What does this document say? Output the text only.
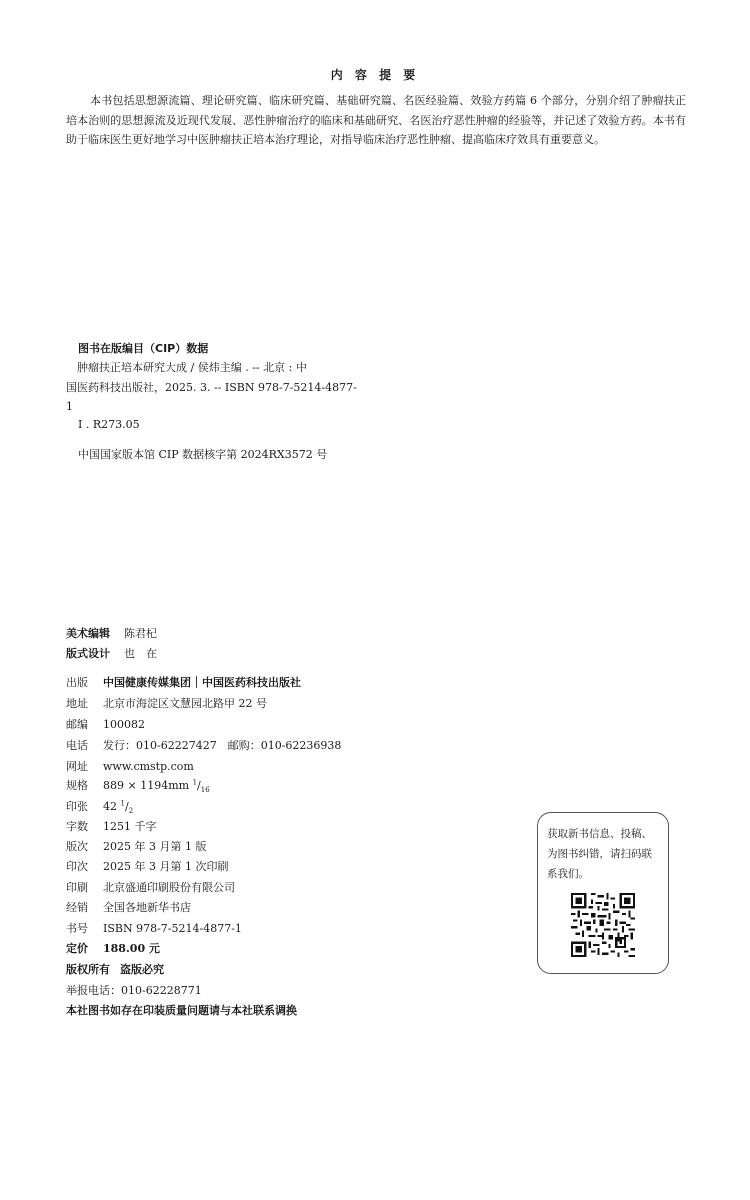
内 容 提 要
本书包括思想源流篇、理论研究篇、临床研究篇、基础研究篇、名医经验篇、效验方药篇 6 个部分，分别介绍了肿瘤扶正培本治则的思想源流及近现代发展、恶性肿瘤治疗的临床和基础研究、名医治疗恶性肿瘤的经验等，并记述了效验方药。本书有助于临床医生更好地学习中医肿瘤扶正培本治疗理论，对指导临床治疗恶性肿瘤、提高临床疗效具有重要意义。
图书在版编目（CIP）数据
　肿瘤扶正培本研究大成 / 侯炜主编 . -- 北京 : 中
国医药科技出版社，2025. 3. -- ISBN 978-7-5214-4877-
1
Ⅰ . R273.05
中国国家版本馆 CIP 数据核字第 2024RX3572 号
美术编辑 陈君杞
版式设计 也　在
出版 中国健康传媒集团｜中国医药科技出版社
地址 北京市海淀区文慧园北路甲 22 号
邮编 100082
电话 发行：010-62227427　邮购：010-62236938
网址 www.cmstp.com
规格 889 × 1194mm $^1/_{16}$
印张 42 $^1/_2$
字数 1251 千字
版次 2025 年 3 月第 1 版
印次 2025 年 3 月第 1 次印刷
印刷 北京盛通印刷股份有限公司
经销 全国各地新华书店
书号 ISBN 978-7-5214-4877-1
定价 188.00 元
版权所有 盗版必究
举报电话：010-62228771
本社图书如存在印装质量问题请与本社联系调换
获取新书信息、投稿、为图书纠错，请扫码联系我们。
